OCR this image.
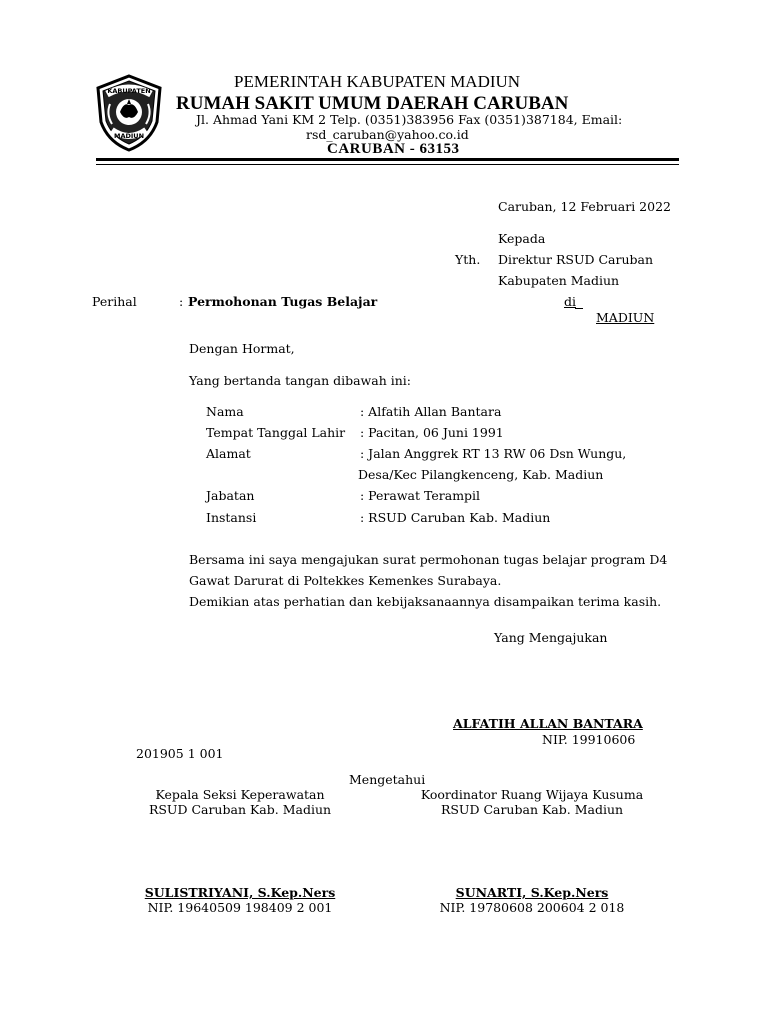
KABUPATEN
MADIUN
PEMERINTAH KABUPATEN MADIUN
RUMAH SAKIT UMUM DAERAH CARUBAN
Jl. Ahmad Yani KM 2 Telp. (0351)383956 Fax (0351)387184, Email:
rsd_caruban@yahoo.co.id
CARUBAN - 63153
Caruban, 12 Februari 2022
Kepada
Yth. Direktur RSUD Caruban
Kabupaten Madiun
di
MADIUN
Perihal	: Permohonan Tugas Belajar
Dengan Hormat,
Yang bertanda tangan dibawah ini:
Nama	: Alfatih Allan Bantara
Tempat Tanggal Lahir : Pacitan, 06 Juni 1991
Alamat	: Jalan Anggrek RT 13 RW 06 Dsn Wungu,
Desa/Kec Pilangkenceng, Kab. Madiun
Jabatan	: Perawat Terampil
Instansi	: RSUD Caruban Kab. Madiun
Bersama ini saya mengajukan surat permohonan tugas belajar program D4
Gawat Darurat di Poltekkes Kemenkes Surabaya.
Demikian atas perhatian dan kebijaksanaannya disampaikan terima kasih.
Yang Mengajukan
ALFATIH ALLAN BANTARA
NIP. 19910606
201905 1 001
Mengetahui
Kepala Seksi Keperawatan
RSUD Caruban Kab. Madiun
SULISTRIYANI, S.Kep.Ners
NIP. 19640509 198409 2 001
Koordinator Ruang Wijaya Kusuma
RSUD Caruban Kab. Madiun
SUNARTI, S.Kep.Ners
NIP. 19780608 200604 2 018
